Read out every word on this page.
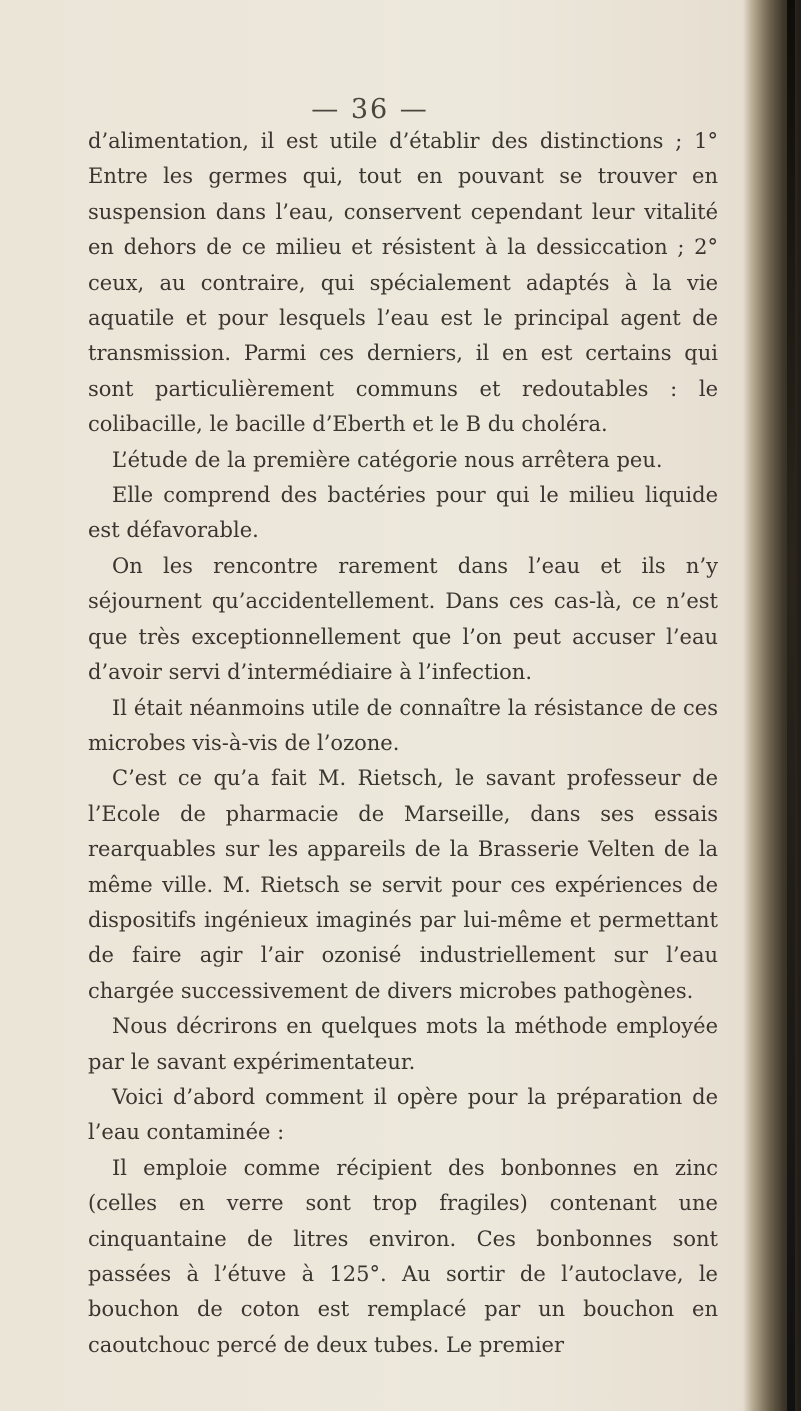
— 36 —

d’alimentation, il est utile d’établir des distinctions ; 1° Entre les germes qui, tout en pouvant se trouver en suspension dans l’eau, conservent cependant leur vitalité en dehors de ce milieu et résistent à la dessiccation ; 2° ceux, au contraire, qui spécialement adaptés à la vie aquatile et pour lesquels l’eau est le principal agent de transmission. Parmi ces derniers, il en est certains qui sont particulièrement communs et redoutables : le colibacille, le bacille d’Eberth et le B du choléra.

L’étude de la première catégorie nous arrêtera peu.

Elle comprend des bactéries pour qui le milieu liquide est défavorable.

On les rencontre rarement dans l’eau et ils n’y séjournent qu’accidentellement. Dans ces cas-là, ce n’est que très exceptionnellement que l’on peut accuser l’eau d’avoir servi d’intermédiaire à l’infection.

Il était néanmoins utile de connaître la résistance de ces microbes vis-à-vis de l’ozone.

C’est ce qu’a fait M. Rietsch, le savant professeur de l’Ecole de pharmacie de Marseille, dans ses essais rearquables sur les appareils de la Brasserie Velten de la même ville. M. Rietsch se servit pour ces expériences de dispositifs ingénieux imaginés par lui-même et permettant de faire agir l’air ozonisé industriellement sur l’eau chargée successivement de divers microbes pathogènes.

Nous décrirons en quelques mots la méthode employée par le savant expérimentateur.

Voici d’abord comment il opère pour la préparation de l’eau contaminée :

Il emploie comme récipient des bonbonnes en zinc (celles en verre sont trop fragiles) contenant une cinquantaine de litres environ. Ces bonbonnes sont passées à l’étuve à 125°. Au sortir de l’autoclave, le bouchon de coton est remplacé par un bouchon en caoutchouc percé de deux tubes. Le premier
